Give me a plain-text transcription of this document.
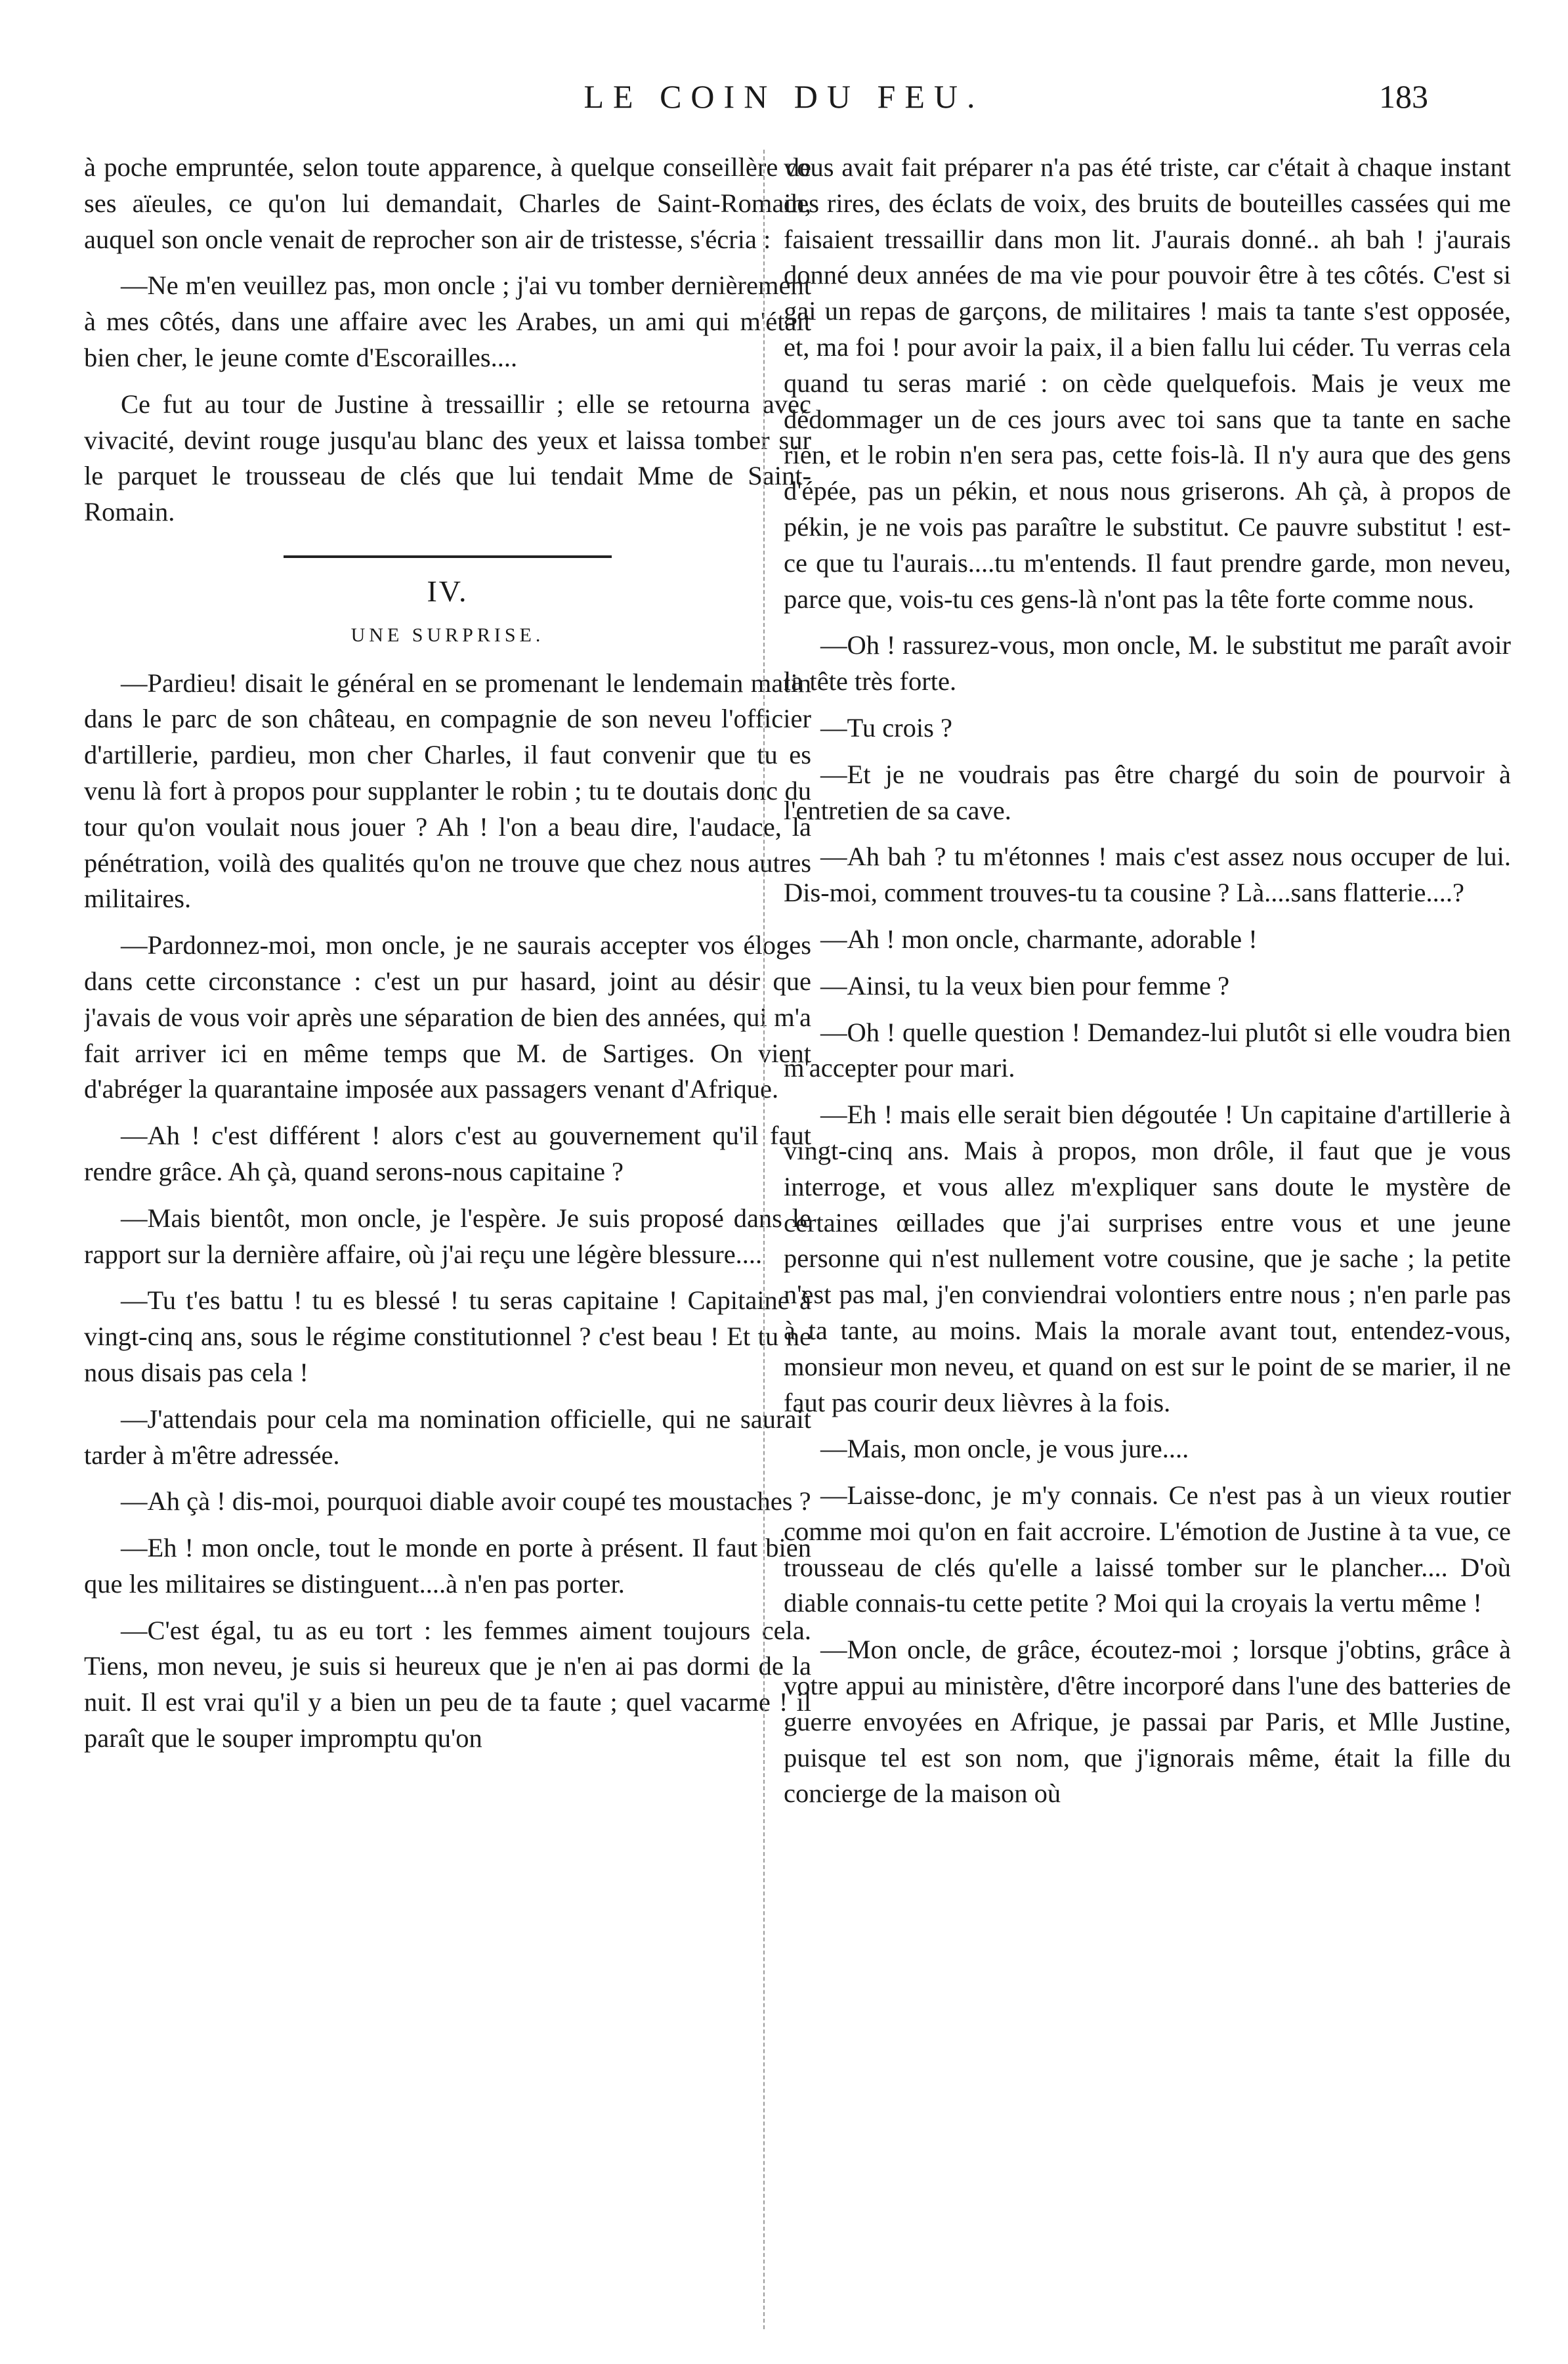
LE COIN DU FEU.	183

à poche empruntée, selon toute apparence, à quelque conseillère de ses aïeules, ce qu'on lui demandait, Charles de Saint-Romain, auquel son oncle venait de reprocher son air de tristesse, s'écria :

—Ne m'en veuillez pas, mon oncle ; j'ai vu tomber dernièrement à mes côtés, dans une affaire avec les Arabes, un ami qui m'était bien cher, le jeune comte d'Escorailles....

Ce fut au tour de Justine à tressaillir ; elle se retourna avec vivacité, devint rouge jusqu'au blanc des yeux et laissa tomber sur le parquet le trousseau de clés que lui tendait Mme de Saint-Romain.

IV.
UNE SURPRISE.

—Pardieu! disait le général en se promenant le lendemain matin dans le parc de son château, en compagnie de son neveu l'officier d'artillerie, pardieu, mon cher Charles, il faut convenir que tu es venu là fort à propos pour supplanter le robin ; tu te doutais donc du tour qu'on voulait nous jouer ? Ah ! l'on a beau dire, l'audace, la pénétration, voilà des qualités qu'on ne trouve que chez nous autres militaires.

—Pardonnez-moi, mon oncle, je ne saurais accepter vos éloges dans cette circonstance : c'est un pur hasard, joint au désir que j'avais de vous voir après une séparation de bien des années, qui m'a fait arriver ici en même temps que M. de Sartiges. On vient d'abréger la quarantaine imposée aux passagers venant d'Afrique.

—Ah ! c'est différent ! alors c'est au gouvernement qu'il faut rendre grâce. Ah çà, quand serons-nous capitaine ?

—Mais bientôt, mon oncle, je l'espère. Je suis proposé dans le rapport sur la dernière affaire, où j'ai reçu une légère blessure....

—Tu t'es battu ! tu es blessé ! tu seras capitaine ! Capitaine à vingt-cinq ans, sous le régime constitutionnel ? c'est beau ! Et tu ne nous disais pas cela !

—J'attendais pour cela ma nomination officielle, qui ne saurait tarder à m'être adressée.

—Ah çà ! dis-moi, pourquoi diable avoir coupé tes moustaches ?

—Eh ! mon oncle, tout le monde en porte à présent. Il faut bien que les militaires se distinguent....à n'en pas porter.

—C'est égal, tu as eu tort : les femmes aiment toujours cela. Tiens, mon neveu, je suis si heureux que je n'en ai pas dormi de la nuit. Il est vrai qu'il y a bien un peu de ta faute ; quel vacarme ! il paraît que le souper impromptu qu'on

vous avait fait préparer n'a pas été triste, car c'était à chaque instant des rires, des éclats de voix, des bruits de bouteilles cassées qui me faisaient tressaillir dans mon lit. J'aurais donné.. ah bah ! j'aurais donné deux années de ma vie pour pouvoir être à tes côtés. C'est si gai un repas de garçons, de militaires ! mais ta tante s'est opposée, et, ma foi ! pour avoir la paix, il a bien fallu lui céder. Tu verras cela quand tu seras marié : on cède quelquefois. Mais je veux me dédommager un de ces jours avec toi sans que ta tante en sache rien, et le robin n'en sera pas, cette fois-là. Il n'y aura que des gens d'épée, pas un pékin, et nous nous griserons. Ah çà, à propos de pékin, je ne vois pas paraître le substitut. Ce pauvre substitut ! est-ce que tu l'aurais....tu m'entends. Il faut prendre garde, mon neveu, parce que, vois-tu ces gens-là n'ont pas la tête forte comme nous.

—Oh ! rassurez-vous, mon oncle, M. le substitut me paraît avoir la tête très forte.

—Tu crois ?

—Et je ne voudrais pas être chargé du soin de pourvoir à l'entretien de sa cave.

—Ah bah ? tu m'étonnes ! mais c'est assez nous occuper de lui. Dis-moi, comment trouves-tu ta cousine ? Là....sans flatterie....?

—Ah ! mon oncle, charmante, adorable !

—Ainsi, tu la veux bien pour femme ?

—Oh ! quelle question ! Demandez-lui plutôt si elle voudra bien m'accepter pour mari.

—Eh ! mais elle serait bien dégoutée ! Un capitaine d'artillerie à vingt-cinq ans. Mais à propos, mon drôle, il faut que je vous interroge, et vous allez m'expliquer sans doute le mystère de certaines œillades que j'ai surprises entre vous et une jeune personne qui n'est nullement votre cousine, que je sache ; la petite n'est pas mal, j'en conviendrai volontiers entre nous ; n'en parle pas à ta tante, au moins. Mais la morale avant tout, entendez-vous, monsieur mon neveu, et quand on est sur le point de se marier, il ne faut pas courir deux lièvres à la fois.

—Mais, mon oncle, je vous jure....

—Laisse-donc, je m'y connais. Ce n'est pas à un vieux routier comme moi qu'on en fait accroire. L'émotion de Justine à ta vue, ce trousseau de clés qu'elle a laissé tomber sur le plancher.... D'où diable connais-tu cette petite ? Moi qui la croyais la vertu même !

—Mon oncle, de grâce, écoutez-moi ; lorsque j'obtins, grâce à votre appui au ministère, d'être incorporé dans l'une des batteries de guerre envoyées en Afrique, je passai par Paris, et Mlle Justine, puisque tel est son nom, que j'ignorais même, était la fille du concierge de la maison où
